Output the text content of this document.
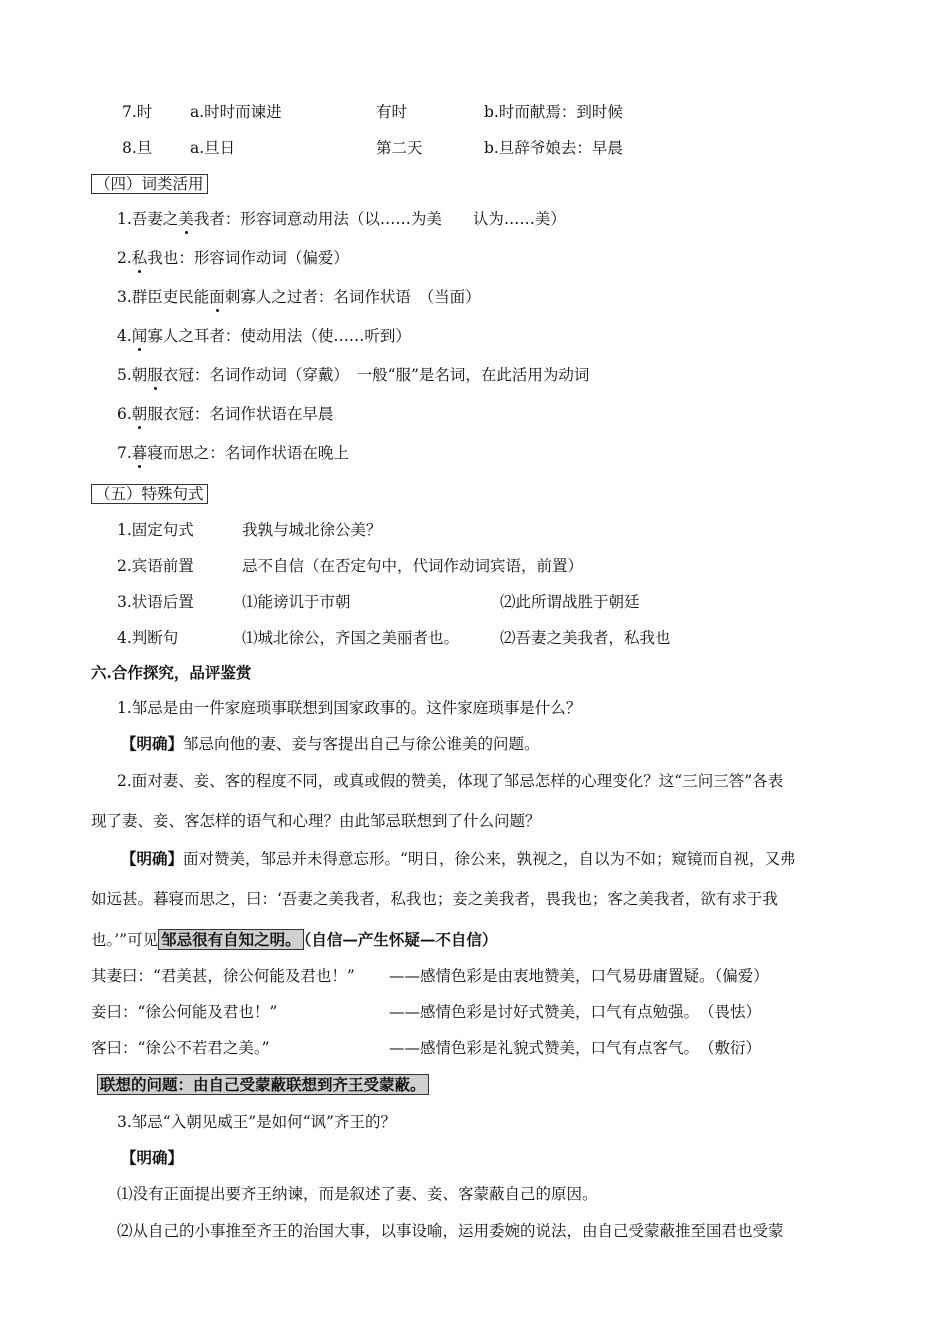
7.时 a.时时而谏进	有时	b.时而献焉：到时候
8.旦 a.旦日	第二天	b.旦辞爷娘去：早晨
（四）词类活用
1.吾妻之美我者：形容词意动用法（以……为美　　认为……美）
2.私我也：形容词作动词（偏爱）
3.群臣吏民能面刺寡人之过者：名词作状语　（当面）
4.闻寡人之耳者：使动用法（使……听到）
5.朝服衣冠：名词作动词（穿戴）　一般“服”是名词，在此活用为动词
6.朝服衣冠：名词作状语在早晨
7.暮寝而思之：名词作状语在晚上
（五）特殊句式
1.固定句式	我孰与城北徐公美？
2.宾语前置	忌不自信（在否定句中，代词作动词宾语，前置）
3.状语后置	⑴能谤讥于市朝	⑵此所谓战胜于朝廷
4.判断句	⑴城北徐公，齐国之美丽者也。	⑵吾妻之美我者，私我也
六.合作探究，品评鉴赏
1.邹忌是由一件家庭琐事联想到国家政事的。这件家庭琐事是什么？
【明确】邹忌向他的妻、妾与客提出自己与徐公谁美的问题。
2.面对妻、妾、客的程度不同，或真或假的赞美，体现了邹忌怎样的心理变化？这“三问三答”各表
现了妻、妾、客怎样的语气和心理？由此邹忌联想到了什么问题？
【明确】面对赞美，邹忌并未得意忘形。“明日，徐公来，孰视之，自以为不如；窥镜而自视，又弗
如远甚。暮寝而思之，曰：‘吾妻之美我者，私我也；妾之美我者，畏我也；客之美我者，欲有求于我
也。’”可见 邹忌很有自知之明。 （自信—产生怀疑—不自信）
其妻曰：“君美甚，徐公何能及君也！” ——感情色彩是由衷地赞美，口气易毋庸置疑。（偏爱）
妾曰：“徐公何能及君也！”	——感情色彩是讨好式赞美，口气有点勉强。　（畏怯）
客曰：“徐公不若君之美。”	——感情色彩是礼貌式赞美，口气有点客气。　（敷衍）
联想的问题：由自己受蒙蔽联想到齐王受蒙蔽。
3.邹忌“入朝见威王”是如何“讽”齐王的？
【明确】
⑴没有正面提出要齐王纳谏，而是叙述了妻、妾、客蒙蔽自己的原因。
⑵从自己的小事推至齐王的治国大事，以事设喻，运用委婉的说法，由自己受蒙蔽推至国君也受蒙
